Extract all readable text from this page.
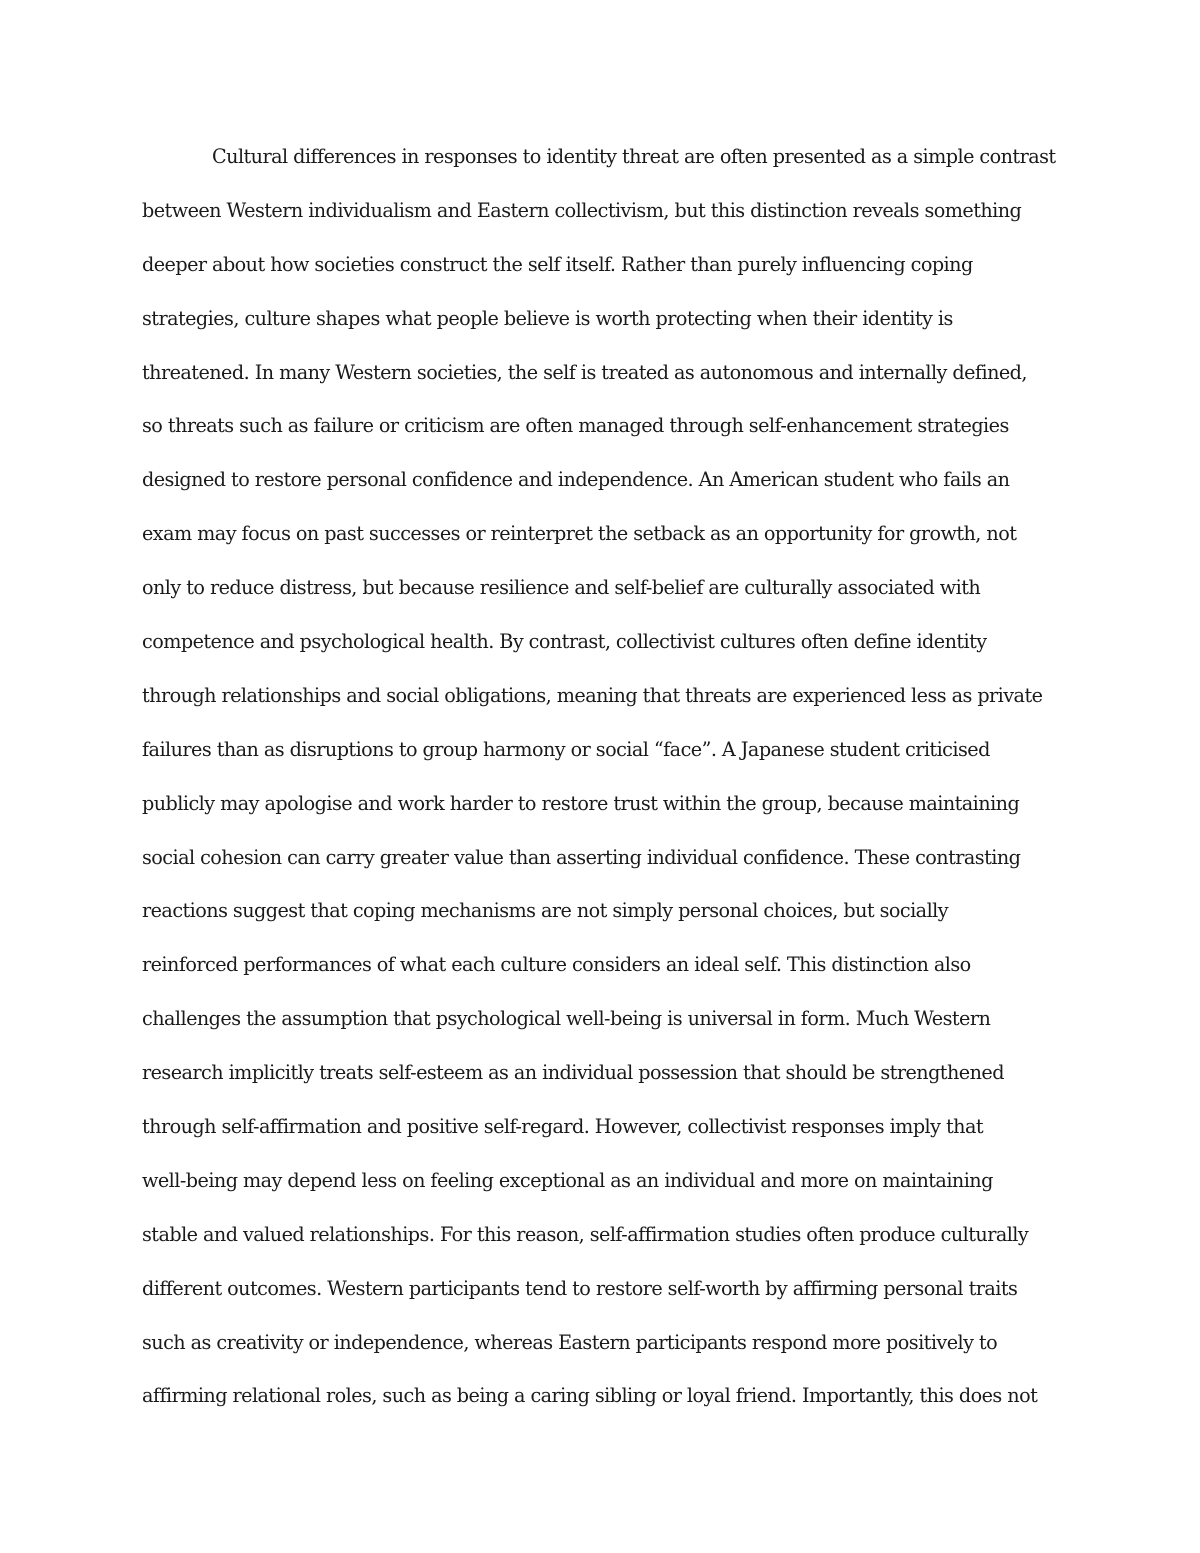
Cultural differences in responses to identity threat are often presented as a simple contrast
between Western individualism and Eastern collectivism, but this distinction reveals something
deeper about how societies construct the self itself. Rather than purely influencing coping
strategies, culture shapes what people believe is worth protecting when their identity is
threatened. In many Western societies, the self is treated as autonomous and internally defined,
so threats such as failure or criticism are often managed through self-enhancement strategies
designed to restore personal confidence and independence. An American student who fails an
exam may focus on past successes or reinterpret the setback as an opportunity for growth, not
only to reduce distress, but because resilience and self-belief are culturally associated with
competence and psychological health. By contrast, collectivist cultures often define identity
through relationships and social obligations, meaning that threats are experienced less as private
failures than as disruptions to group harmony or social “face”. A Japanese student criticised
publicly may apologise and work harder to restore trust within the group, because maintaining
social cohesion can carry greater value than asserting individual confidence. These contrasting
reactions suggest that coping mechanisms are not simply personal choices, but socially
reinforced performances of what each culture considers an ideal self. This distinction also
challenges the assumption that psychological well-being is universal in form. Much Western
research implicitly treats self-esteem as an individual possession that should be strengthened
through self-affirmation and positive self-regard. However, collectivist responses imply that
well-being may depend less on feeling exceptional as an individual and more on maintaining
stable and valued relationships. For this reason, self-affirmation studies often produce culturally
different outcomes. Western participants tend to restore self-worth by affirming personal traits
such as creativity or independence, whereas Eastern participants respond more positively to
affirming relational roles, such as being a caring sibling or loyal friend. Importantly, this does not
